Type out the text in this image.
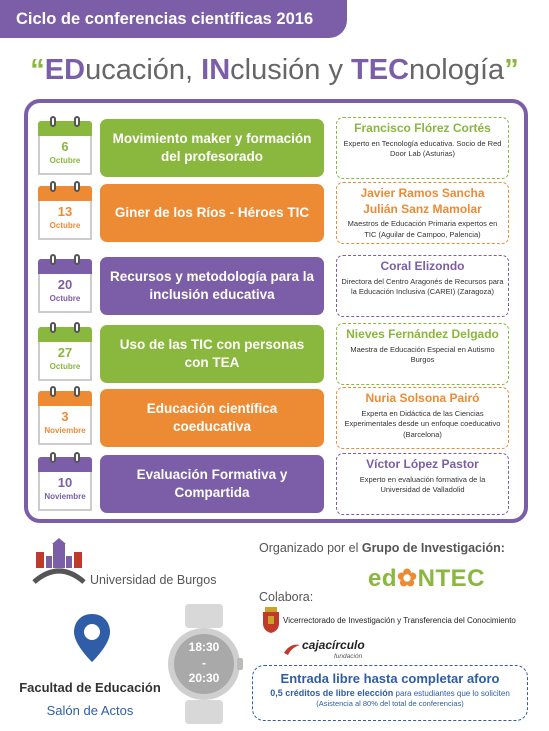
Ciclo de conferencias científicas 2016
“EDucación, INclusión y TECnología”
6
Octubre
Movimiento maker y formación del profesorado
Francisco Flórez Cortés
Experto en Tecnología educativa. Socio de Red Door Lab (Asturias)
13
Octubre
Giner de los Ríos - Héroes TIC
Javier Ramos Sancha
Julián Sanz Mamolar
Maestros de Educación Primaria expertos en TIC (Aguilar de Campoo, Palencia)
20
Octubre
Recursos y metodología para la inclusión educativa
Coral Elizondo
Directora del Centro Aragonés de Recursos para la Educación Inclusiva (CAREI) (Zaragoza)
27
Octubre
Uso de las TIC con personas con TEA
Nieves Fernández Delgado
Maestra de Educación Especial en Autismo Burgos
3
Noviembre
Educación científica coeducativa
Nuria Solsona Pairó
Experta en Didáctica de las Ciencias Experimentales desde un enfoque coeducativo (Barcelona)
10
Noviembre
Evaluación Formativa y Compartida
Víctor López Pastor
Experto en evaluación formativa de la Universidad de Valladolid
Universidad de Burgos
Facultad de Educación
Salón de Actos
18:30
-
20:30
Organizado por el Grupo de Investigación:
ed✿NTEC
Colabora:
Vicerrectorado de Investigación y Transferencia del Conocimiento
cajacírculo
fundación
Entrada libre hasta completar aforo
0,5 créditos de libre elección para estudiantes que lo soliciten
(Asistencia al 80% del total de conferencias)
